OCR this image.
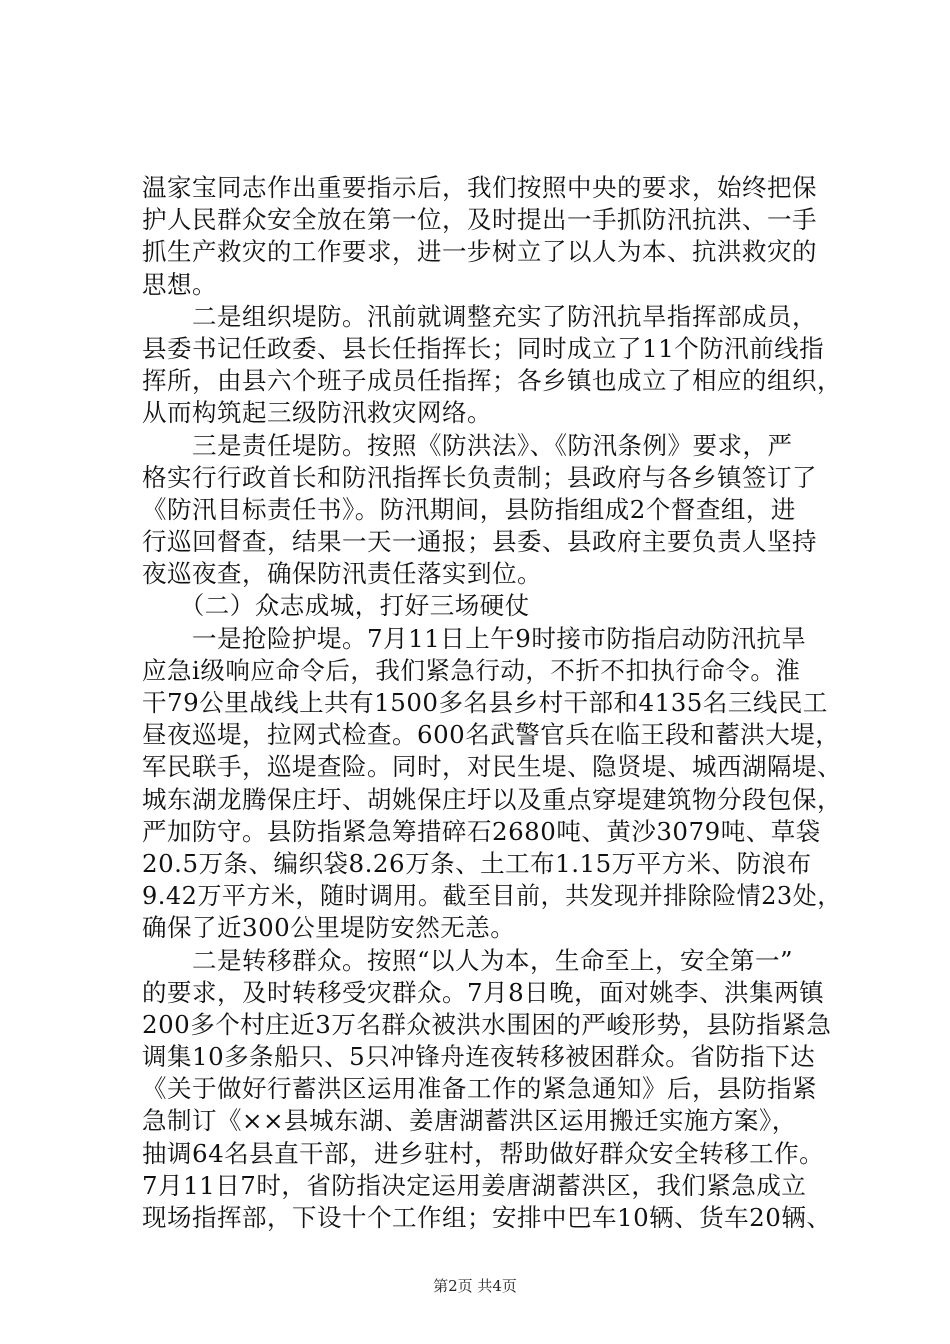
温家宝同志作出重要指示后，我们按照中央的要求，始终把保
护人民群众安全放在第一位，及时提出一手抓防汛抗洪、一手
抓生产救灾的工作要求，进一步树立了以人为本、抗洪救灾的
思想。
　　二是组织堤防。汛前就调整充实了防汛抗旱指挥部成员，
县委书记任政委、县长任指挥长；同时成立了11个防汛前线指
挥所，由县六个班子成员任指挥；各乡镇也成立了相应的组织，
从而构筑起三级防汛救灾网络。
　　三是责任堤防。按照《防洪法》、《防汛条例》要求，严
格实行行政首长和防汛指挥长负责制；县政府与各乡镇签订了
《防汛目标责任书》。防汛期间，县防指组成2个督查组，进
行巡回督查，结果一天一通报；县委、县政府主要负责人坚持
夜巡夜查，确保防汛责任落实到位。
　　（二）众志成城，打好三场硬仗
　　一是抢险护堤。7月11日上午9时接市防指启动防汛抗旱
应急ⅰ级响应命令后，我们紧急行动，不折不扣执行命令。淮
干79公里战线上共有1500多名县乡村干部和4135名三线民工
昼夜巡堤，拉网式检查。600名武警官兵在临王段和蓄洪大堤，
军民联手，巡堤查险。同时，对民生堤、隐贤堤、城西湖隔堤、
城东湖龙腾保庄圩、胡姚保庄圩以及重点穿堤建筑物分段包保，
严加防守。县防指紧急筹措碎石2680吨、黄沙3079吨、草袋
20.5万条、编织袋8.26万条、土工布1.15万平方米、防浪布
9.42万平方米，随时调用。截至目前，共发现并排除险情23处，
确保了近300公里堤防安然无恙。
　　二是转移群众。按照“以人为本，生命至上，安全第一”
的要求，及时转移受灾群众。7月8日晚，面对姚李、洪集两镇
200多个村庄近3万名群众被洪水围困的严峻形势，县防指紧急
调集10多条船只、5只冲锋舟连夜转移被困群众。省防指下达
《关于做好行蓄洪区运用准备工作的紧急通知》后，县防指紧
急制订《××县城东湖、姜唐湖蓄洪区运用搬迁实施方案》，
抽调64名县直干部，进乡驻村，帮助做好群众安全转移工作。
7月11日7时，省防指决定运用姜唐湖蓄洪区，我们紧急成立
现场指挥部，下设十个工作组；安排中巴车10辆、货车20辆、
第2页 共4页
